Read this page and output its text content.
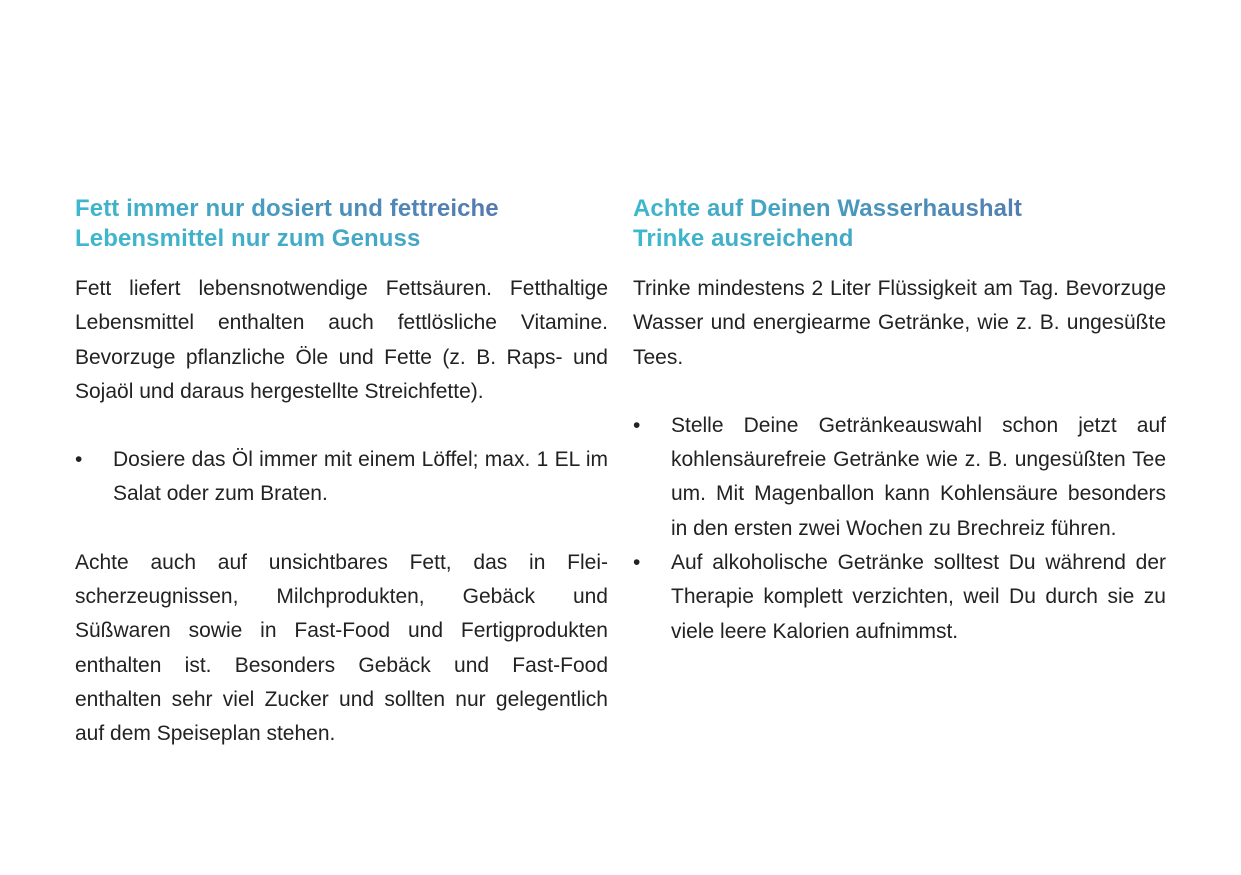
Fett immer nur dosiert und fettreiche
Lebensmittel nur zum Genuss

Fett liefert lebensnotwendige Fettsäuren. Fetthaltige Lebensmittel enthalten auch fettlösliche Vitamine. Bevorzuge pflanzliche Öle und Fette (z. B. Raps- und Sojaöl und daraus hergestellte Streichfette).

•	Dosiere das Öl immer mit einem Löffel; max. 1 EL im Salat oder zum Braten.

Achte auch auf unsichtbares Fett, das in Fleischerzeugnissen, Milchprodukten, Gebäck und Süßwaren sowie in Fast-Food und Fertigprodukten enthalten ist. Besonders Gebäck und Fast-Food enthalten sehr viel Zucker und sollten nur gelegentlich auf dem Speiseplan stehen.

Achte auf Deinen Wasserhaushalt
Trinke ausreichend

Trinke mindestens 2 Liter Flüssigkeit am Tag. Bevorzuge Wasser und energiearme Getränke, wie z. B. ungesüßte Tees.

•	Stelle Deine Getränkeauswahl schon jetzt auf kohlensäurefreie Getränke wie z. B. ungesüßten Tee um. Mit Magenballon kann Kohlensäure besonders in den ersten zwei Wochen zu Brechreiz führen.
•	Auf alkoholische Getränke solltest Du während der Therapie komplett verzichten, weil Du durch sie zu viele leere Kalorien aufnimmst.
